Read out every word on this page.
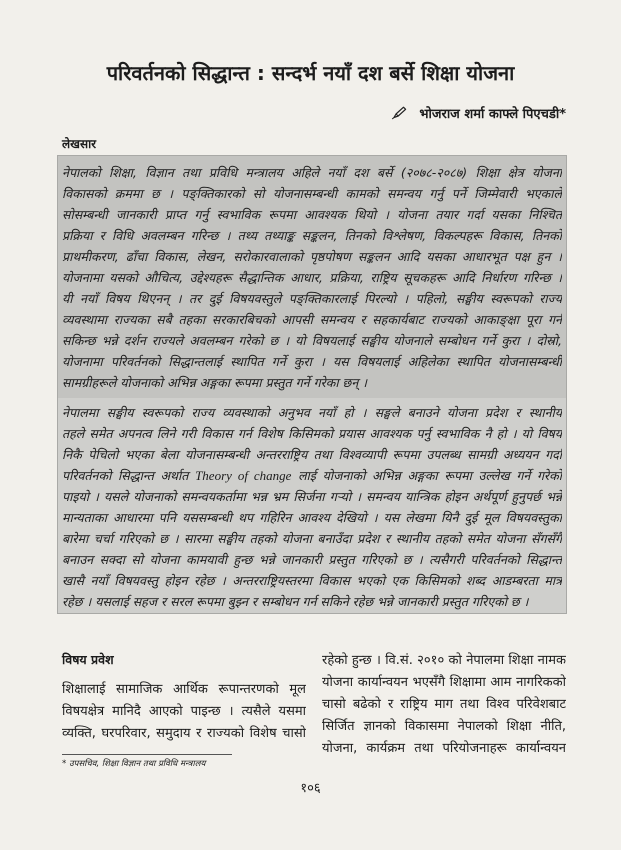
परिवर्तनको सिद्धान्त : सन्दर्भ नयाँ दश बर्से शिक्षा योजना
भोजराज शर्मा काफ्ले पिएचडी*
लेखसार
नेपालको शिक्षा, विज्ञान तथा प्रविधि मन्त्रालय अहिले नयाँ दश बर्से (२०७८-२०८७) शिक्षा क्षेत्र योजना
विकासको क्रममा छ । पङ्क्तिकारको सो योजनासम्बन्धी कामको समन्वय गर्नु पर्ने जिम्मेवारी भएकाले
सोसम्बन्धी जानकारी प्राप्त गर्नु स्वभाविक रूपमा आवश्यक थियो । योजना तयार गर्दा यसका निश्चित
प्रक्रिया र विधि अवलम्बन गरिन्छ । तथ्य तथ्याङ्क सङ्कलन, तिनको विश्लेषण, विकल्पहरू विकास, तिनको
प्राथमीकरण, ढाँचा विकास, लेखन, सरोकारवालाको पृष्ठपोषण सङ्कलन आदि यसका आधारभूत पक्ष हुन ।
योजनामा यसको औचित्य, उद्देश्यहरू सैद्धान्तिक आधार, प्रक्रिया, राष्ट्रिय सूचकहरू आदि निर्धारण गरिन्छ ।
यी नयाँ विषय थिएनन् । तर दुई विषयवस्तुले पङ्क्तिकारलाई पिरल्यो । पहिलो, सङ्घीय स्वरूपको राज्य
व्यवस्थामा राज्यका सबै तहका सरकारबिचको आपसी समन्वय र सहकार्यबाट राज्यको आकाङ्क्षा पूरा गर्न
सकिन्छ भन्ने दर्शन राज्यले अवलम्बन गरेको छ । यो विषयलाई सङ्घीय योजनाले सम्बोधन गर्ने कुरा । दोस्रो,
योजनामा परिवर्तनको सिद्धान्तलाई स्थापित गर्ने कुरा । यस विषयलाई अहिलेका स्थापित योजनासम्बन्धी
सामग्रीहरूले योजनाको अभिन्न अङ्गका रूपमा प्रस्तुत गर्ने गरेका छन् ।
नेपालमा सङ्घीय स्वरूपको राज्य व्यवस्थाको अनुभव नयाँ हो । सङ्घले बनाउने योजना प्रदेश र स्थानीय
तहले समेत अपनत्व लिने गरी विकास गर्न विशेष किसिमको प्रयास आवश्यक पर्नु स्वभाविक नै हो । यो विषय
निकै पेचिलो भएका बेला योजनासम्बन्धी अन्तरराष्ट्रिय तथा विश्वव्यापी रूपमा उपलब्ध सामग्री अध्ययन गर्दा
परिवर्तनको सिद्धान्त अर्थात Theory of change लाई योजनाको अभिन्न अङ्गका रूपमा उल्लेख गर्ने गरेको
पाइयो । यसले योजनाको समन्वयकर्तामा भन्न भ्रम सिर्जना गऱ्यो । समन्वय यान्त्रिक होइन अर्थपूर्ण हुनुपर्छ भन्ने
मान्यताका आधारमा पनि यससम्बन्धी थप गहिरिन आवश्य देखियो । यस लेखमा यिनै दुई मूल विषयवस्तुका
बारेमा चर्चा गरिएको छ । सारमा सङ्घीय तहको योजना बनाउँदा प्रदेश र स्थानीय तहको समेत योजना सँगसँगै
बनाउन सक्दा सो योजना कामयावी हुन्छ भन्ने जानकारी प्रस्तुत गरिएको छ । त्यसैगरी परिवर्तनको सिद्धान्त
खासै नयाँ विषयवस्तु होइन रहेछ । अन्तरराष्ट्रियस्तरमा विकास भएको एक किसिमको शब्द आडम्बरता मात्र
रहेछ । यसलाई सहज र सरल रूपमा बुझ्न र सम्बोधन गर्न सकिने रहेछ भन्ने जानकारी प्रस्तुत गरिएको छ ।
विषय प्रवेश
शिक्षालाई सामाजिक आर्थिक रूपान्तरणको मूल
विषयक्षेत्र मानिदै आएको पाइन्छ । त्यसैले यसमा
व्यक्ति, घरपरिवार, समुदाय र राज्यको विशेष चासो
* उपसचिव, शिक्षा विज्ञान तथा प्रविधि मन्त्रालय
रहेको हुन्छ । वि.सं. २०१० को नेपालमा शिक्षा नामक
योजना कार्यान्वयन भएसँगै शिक्षामा आम नागरिकको
चासो बढेको र राष्ट्रिय माग तथा विश्व परिवेशबाट
सिर्जित ज्ञानको विकासमा नेपालको शिक्षा नीति,
योजना, कार्यक्रम तथा परियोजनाहरू कार्यान्वयन
१०६
